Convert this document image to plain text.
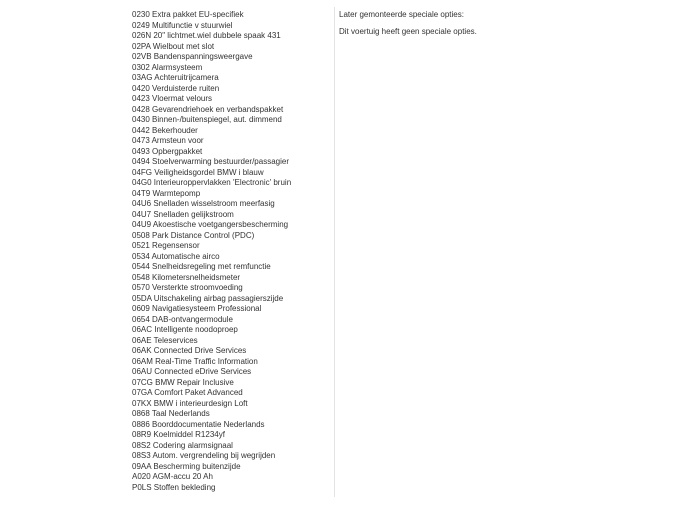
0230 Extra pakket EU-specifiek
0249 Multifunctie v stuurwiel
026N 20" lichtmet.wiel dubbele spaak 431
02PA Wielbout met slot
02VB Bandenspanningsweergave
0302 Alarmsysteem
03AG Achteruitrijcamera
0420 Verduisterde ruiten
0423 Vloermat velours
0428 Gevarendriehoek en verbandspakket
0430 Binnen-/buitenspiegel, aut. dimmend
0442 Bekerhouder
0473 Armsteun voor
0493 Opbergpakket
0494 Stoelverwarming bestuurder/passagier
04FG Veiligheidsgordel BMW i blauw
04G0 Interieuroppervlakken 'Electronic' bruin
04T9 Warmtepomp
04U6 Snelladen wisselstroom meerfasig
04U7 Snelladen gelijkstroom
04U9 Akoestische voetgangersbescherming
0508 Park Distance Control (PDC)
0521 Regensensor
0534 Automatische airco
0544 Snelheidsregeling met remfunctie
0548 Kilometersnelheidsmeter
0570 Versterkte stroomvoeding
05DA Uitschakeling airbag passagierszijde
0609 Navigatiesysteem Professional
0654 DAB-ontvangermodule
06AC Intelligente noodoproep
06AE Teleservices
06AK Connected Drive Services
06AM Real-Time Traffic Information
06AU Connected eDrive Services
07CG BMW Repair Inclusive
07GA Comfort Paket Advanced
07KX BMW i interieurdesign Loft
0868 Taal Nederlands
0886 Boorddocumentatie Nederlands
08R9 Koelmiddel R1234yf
08S2 Codering alarmsignaal
08S3 Autom. vergrendeling bij wegrijden
09AA Bescherming buitenzijde
A020 AGM-accu 20 Ah
P0LS Stoffen bekleding

Later gemonteerde speciale opties:

Dit voertuig heeft geen speciale opties.
